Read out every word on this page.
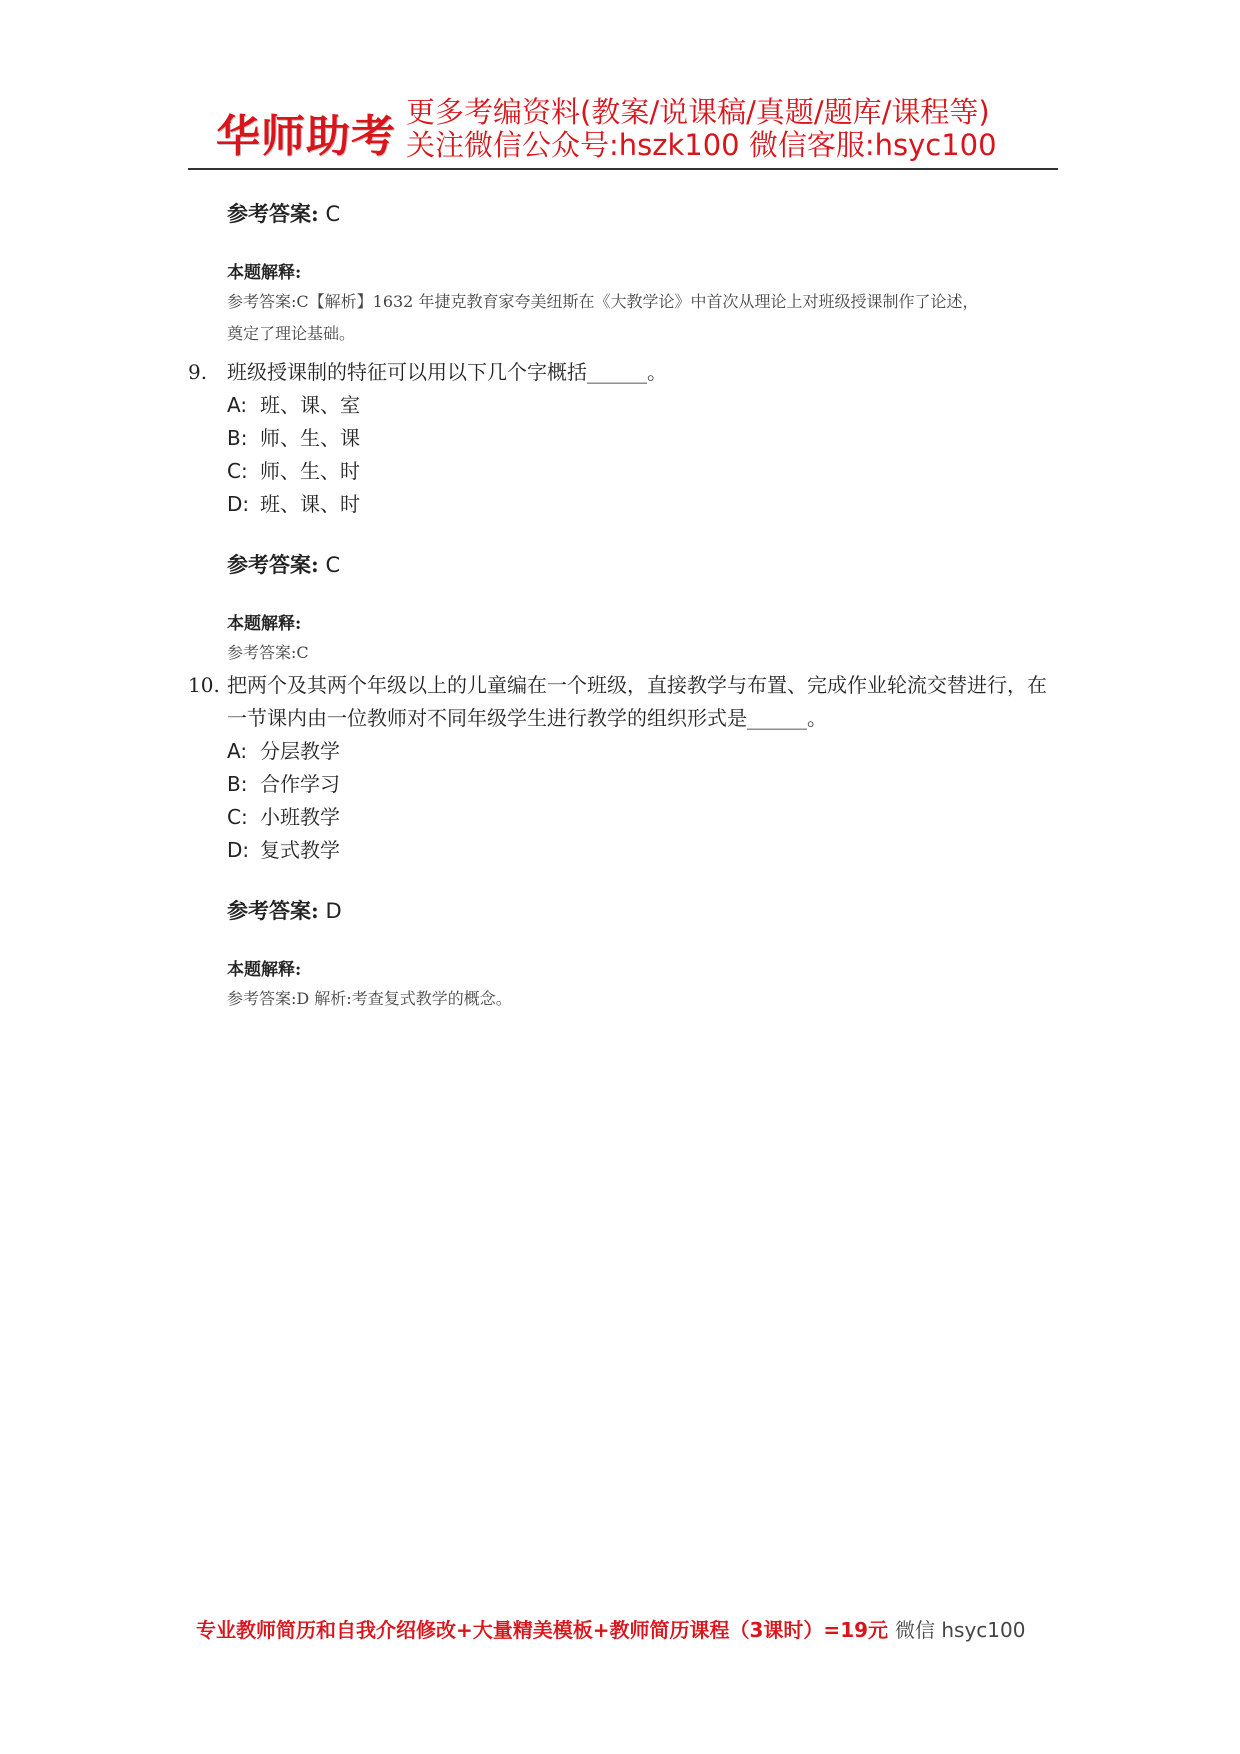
华师助考 更多考编资料(教案/说课稿/真题/题库/课程等)
关注微信公众号:hszk100 微信客服:hsyc100
参考答案: C
本题解释:
参考答案:C【解析】1632 年捷克教育家夸美纽斯在《大教学论》中首次从理论上对班级授课制作了论述，奠定了理论基础。
9. 班级授课制的特征可以用以下几个字概括______。
A: 班、课、室
B: 师、生、课
C: 师、生、时
D: 班、课、时
参考答案: C
本题解释:
参考答案:C
10. 把两个及其两个年级以上的儿童编在一个班级，直接教学与布置、完成作业轮流交替进行，在一节课内由一位教师对不同年级学生进行教学的组织形式是______。
A: 分层教学
B: 合作学习
C: 小班教学
D: 复式教学
参考答案: D
本题解释:
参考答案:D 解析:考查复式教学的概念。
专业教师简历和自我介绍修改+大量精美模板+教师简历课程（3课时）=19元 微信 hsyc100
